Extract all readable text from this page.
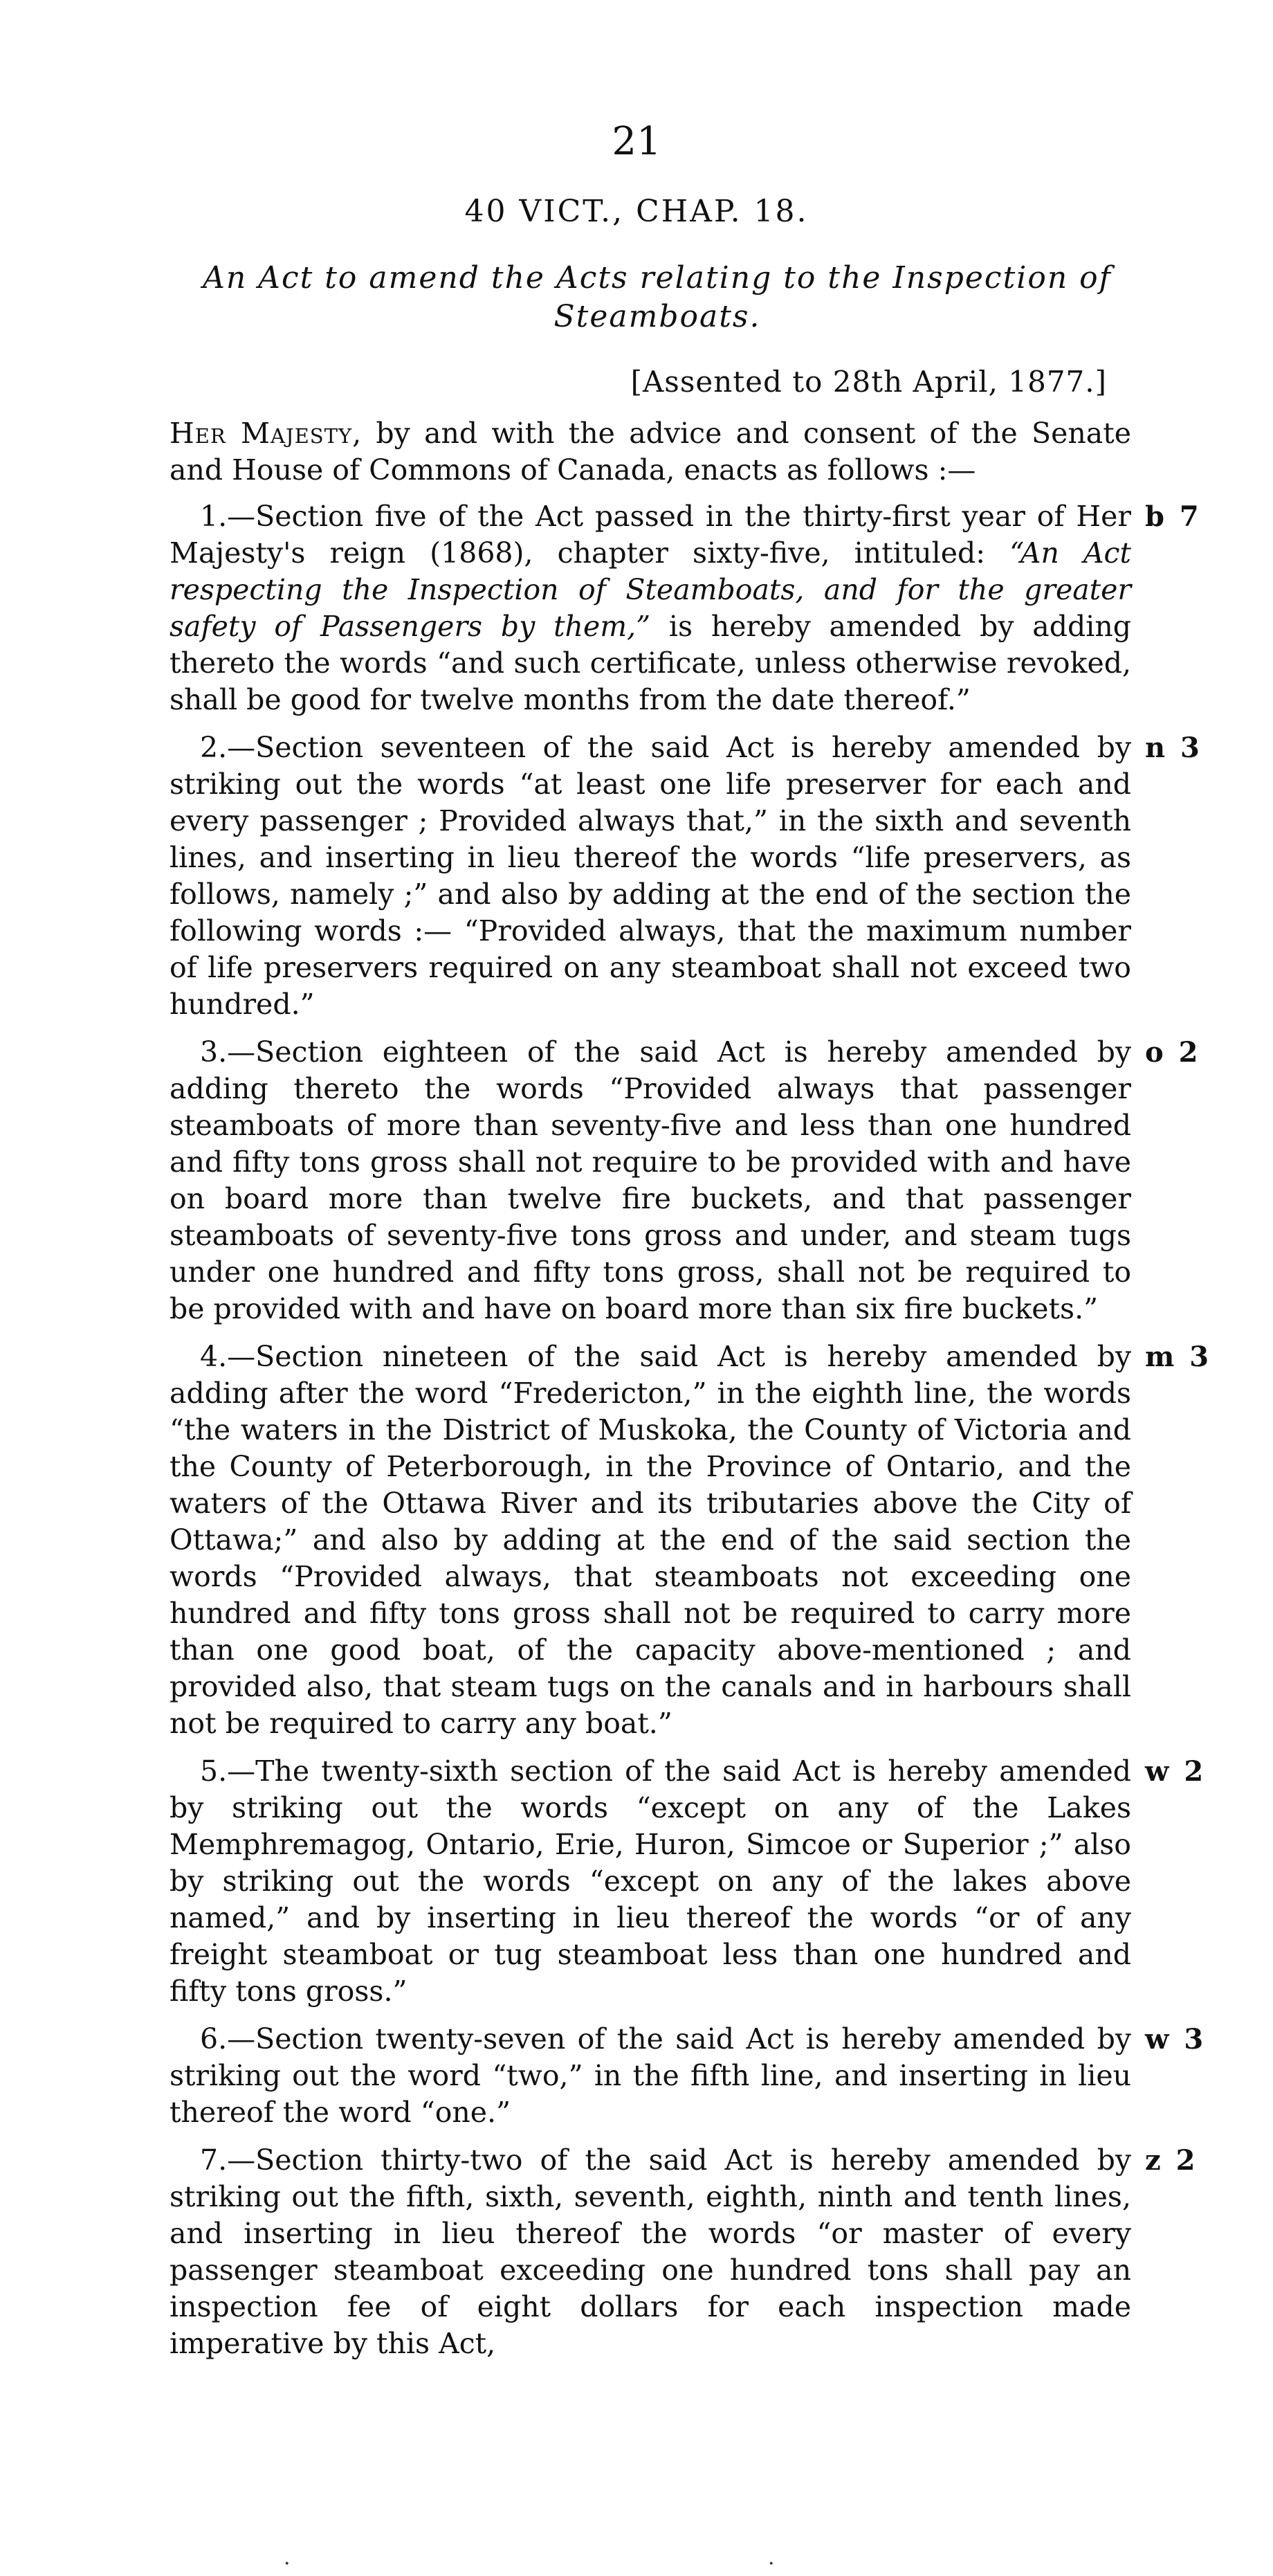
21
40 VICT., CHAP. 18.

An Act to amend the Acts relating to the Inspection of Steamboats.

[Assented to 28th April, 1877.]

Her Majesty, by and with the advice and consent of the Senate and House of Commons of Canada, enacts as follows :—

b 7
1.—Section five of the Act passed in the thirty-first year of Her Majesty's reign (1868), chapter sixty-five, intituled: “An Act respecting the Inspection of Steamboats, and for the greater safety of Passengers by them,” is hereby amended by adding thereto the words “and such certificate, unless otherwise revoked, shall be good for twelve months from the date thereof.”

n 3
2.—Section seventeen of the said Act is hereby amended by striking out the words “at least one life preserver for each and every passenger ; Provided always that,” in the sixth and seventh lines, and inserting in lieu thereof the words “life preservers, as follows, namely ;” and also by adding at the end of the section the following words :— “Provided always, that the maximum number of life preservers required on any steamboat shall not exceed two hundred.”

o 2
3.—Section eighteen of the said Act is hereby amended by adding thereto the words “Provided always that passenger steamboats of more than seventy-five and less than one hundred and fifty tons gross shall not require to be provided with and have on board more than twelve fire buckets, and that passenger steamboats of seventy-five tons gross and under, and steam tugs under one hundred and fifty tons gross, shall not be required to be provided with and have on board more than six fire buckets.”

m 3
4.—Section nineteen of the said Act is hereby amended by adding after the word “Fredericton,” in the eighth line, the words “the waters in the District of Muskoka, the County of Victoria and the County of Peterborough, in the Province of Ontario, and the waters of the Ottawa River and its tributaries above the City of Ottawa;” and also by adding at the end of the said section the words “Provided always, that steamboats not exceeding one hundred and fifty tons gross shall not be required to carry more than one good boat, of the capacity above-mentioned ; and provided also, that steam tugs on the canals and in harbours shall not be required to carry any boat.”

w 2
5.—The twenty-sixth section of the said Act is hereby amended by striking out the words “except on any of the Lakes Memphremagog, Ontario, Erie, Huron, Simcoe or Superior ;” also by striking out the words “except on any of the lakes above named,” and by inserting in lieu thereof the words “or of any freight steamboat or tug steamboat less than one hundred and fifty tons gross.”

w 3
6.—Section twenty-seven of the said Act is hereby amended by striking out the word “two,” in the fifth line, and inserting in lieu thereof the word “one.”

z 2
7.—Section thirty-two of the said Act is hereby amended by striking out the fifth, sixth, seventh, eighth, ninth and tenth lines, and inserting in lieu thereof the words “or master of every passenger steamboat exceeding one hundred tons shall pay an inspection fee of eight dollars for each inspection made imperative by this Act,

·	·
